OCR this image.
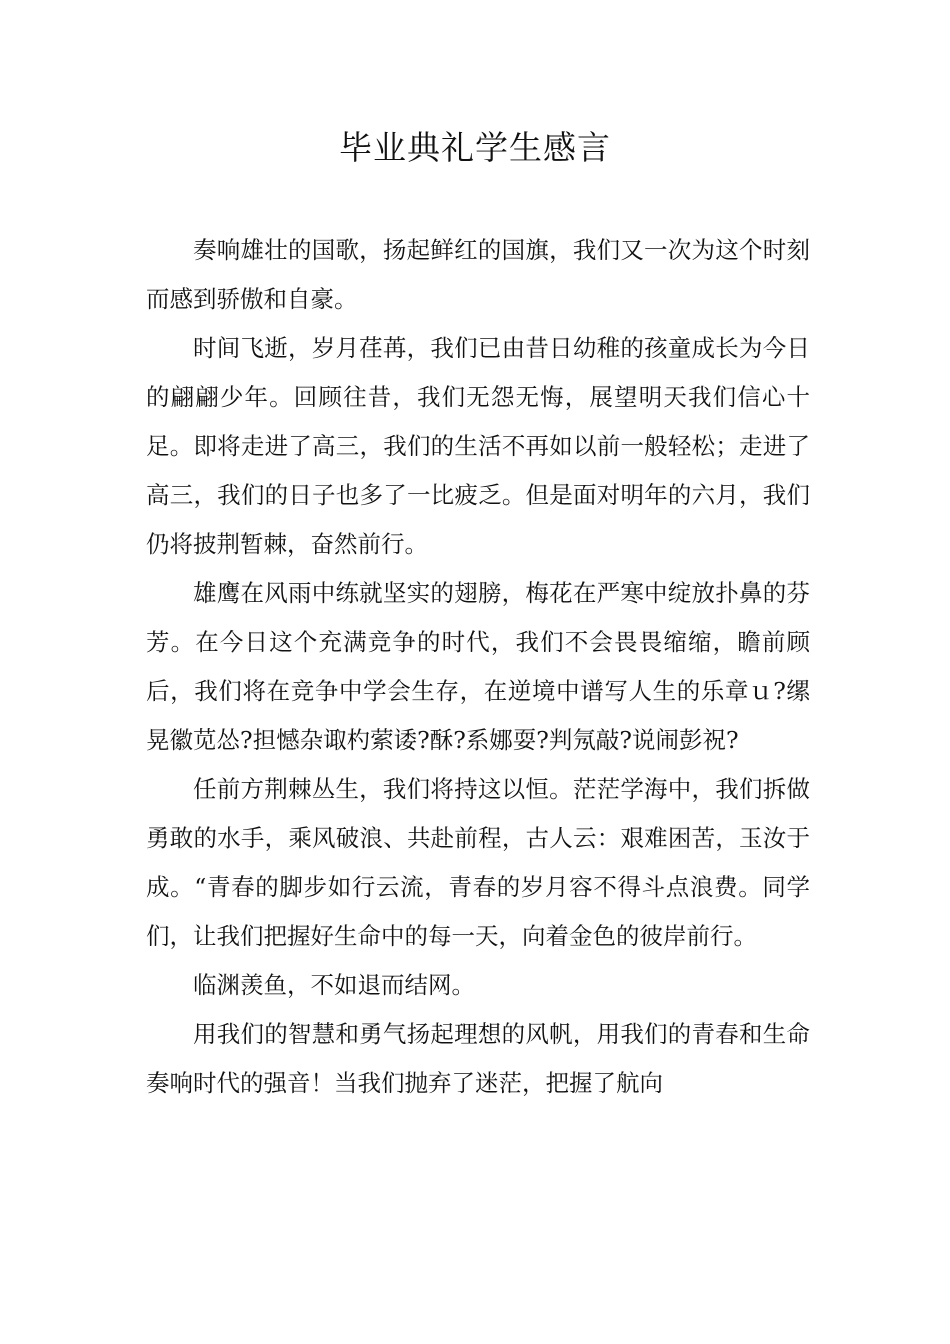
毕业典礼学生感言

奏响雄壮的国歌，扬起鲜红的国旗，我们又一次为这个时刻而感到骄傲和自豪。

时间飞逝，岁月荏苒，我们已由昔日幼稚的孩童成长为今日的翩翩少年。回顾往昔，我们无怨无悔，展望明天我们信心十足。即将走进了高三，我们的生活不再如以前一般轻松；走进了高三，我们的日子也多了一比疲乏。但是面对明年的六月，我们仍将披荆暂棘，奋然前行。

雄鹰在风雨中练就坚实的翅膀，梅花在严寒中绽放扑鼻的芬芳。在今日这个充满竞争的时代，我们不会畏畏缩缩，瞻前顾后，我们将在竞争中学会生存，在逆境中谱写人生的乐章ｕ?缧晃徽苋怂?担憾杂诹杓萦诿?酥?系娜耍?判氖敲?说闹彭祝?

任前方荆棘丛生，我们将持这以恒。茫茫学海中，我们拆做勇敢的水手，乘风破浪、共赴前程，古人云：艰难困苦，玉汝于成。“青春的脚步如行云流，青春的岁月容不得斗点浪费。同学们，让我们把握好生命中的每一天，向着金色的彼岸前行。

临渊羡鱼，不如退而结网。

用我们的智慧和勇气扬起理想的风帆，用我们的青春和生命奏响时代的强音！当我们抛弃了迷茫，把握了航向
